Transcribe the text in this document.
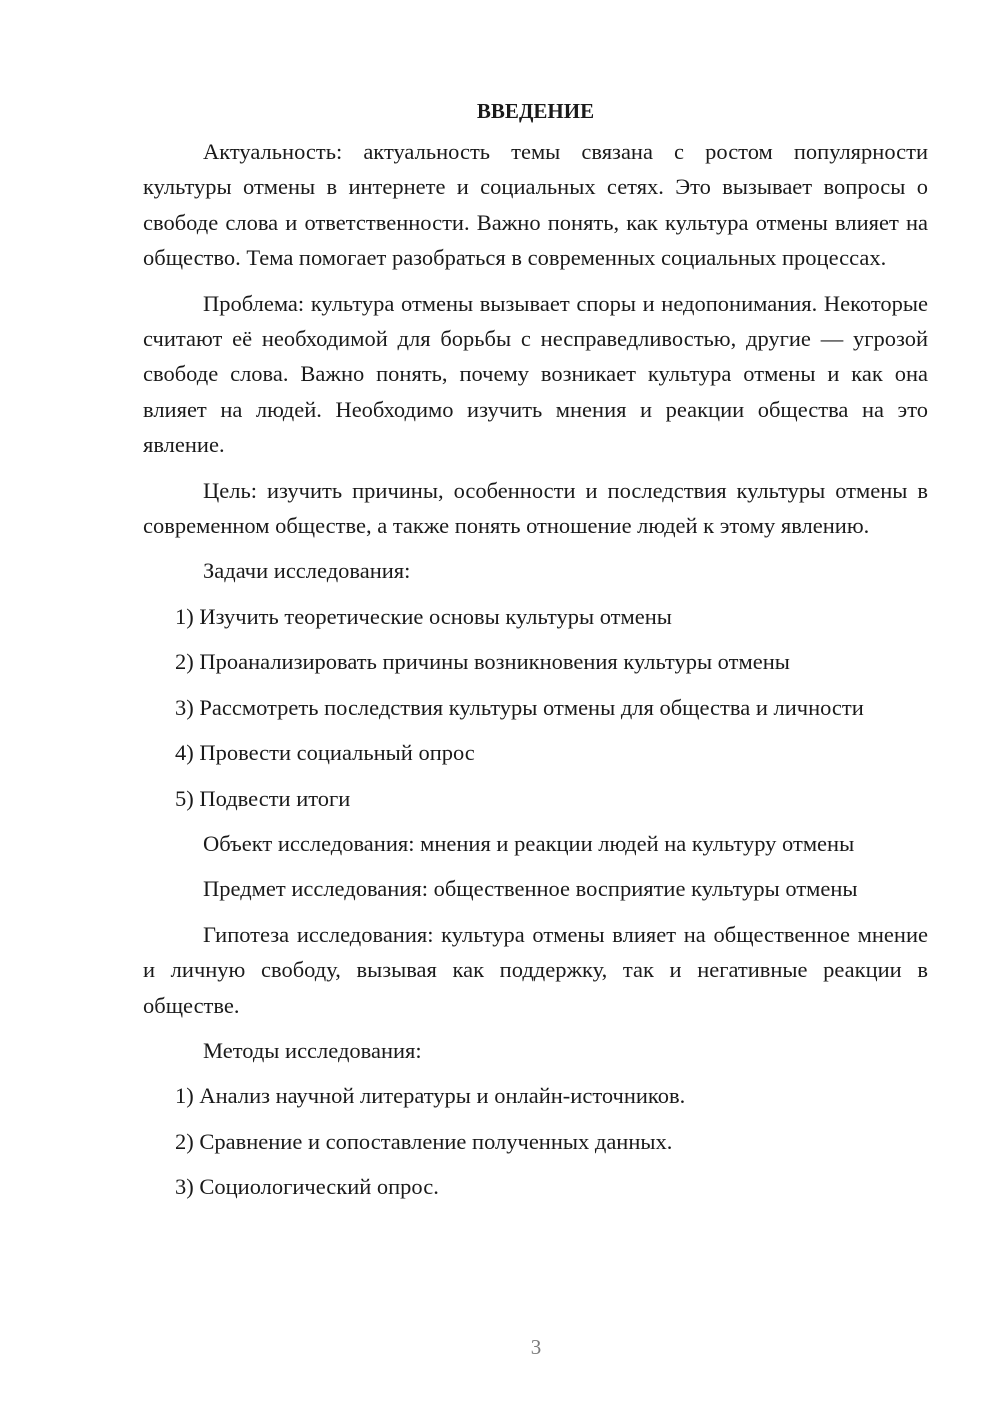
ВВЕДЕНИЕ

Актуальность: актуальность темы связана с ростом популярности культуры отмены в интернете и социальных сетях. Это вызывает вопросы о свободе слова и ответственности. Важно понять, как культура отмены влияет на общество. Тема помогает разобраться в современных социальных процессах.

Проблема: культура отмены вызывает споры и недопонимания. Некоторые считают её необходимой для борьбы с несправедливостью, другие — угрозой свободе слова. Важно понять, почему возникает культура отмены и как она влияет на людей. Необходимо изучить мнения и реакции общества на это явление.

Цель: изучить причины, особенности и последствия культуры отмены в современном обществе, а также понять отношение людей к этому явлению.

Задачи исследования:
1) Изучить теоретические основы культуры отмены
2) Проанализировать причины возникновения культуры отмены
3) Рассмотреть последствия культуры отмены для общества и личности
4) Провести социальный опрос
5) Подвести итоги
Объект исследования: мнения и реакции людей на культуру отмены
Предмет исследования: общественное восприятие культуры отмены

Гипотеза исследования: культура отмены влияет на общественное мнение и личную свободу, вызывая как поддержку, так и негативные реакции в обществе.

Методы исследования:
1) Анализ научной литературы и онлайн-источников.
2) Сравнение и сопоставление полученных данных.
3) Социологический опрос.
3
